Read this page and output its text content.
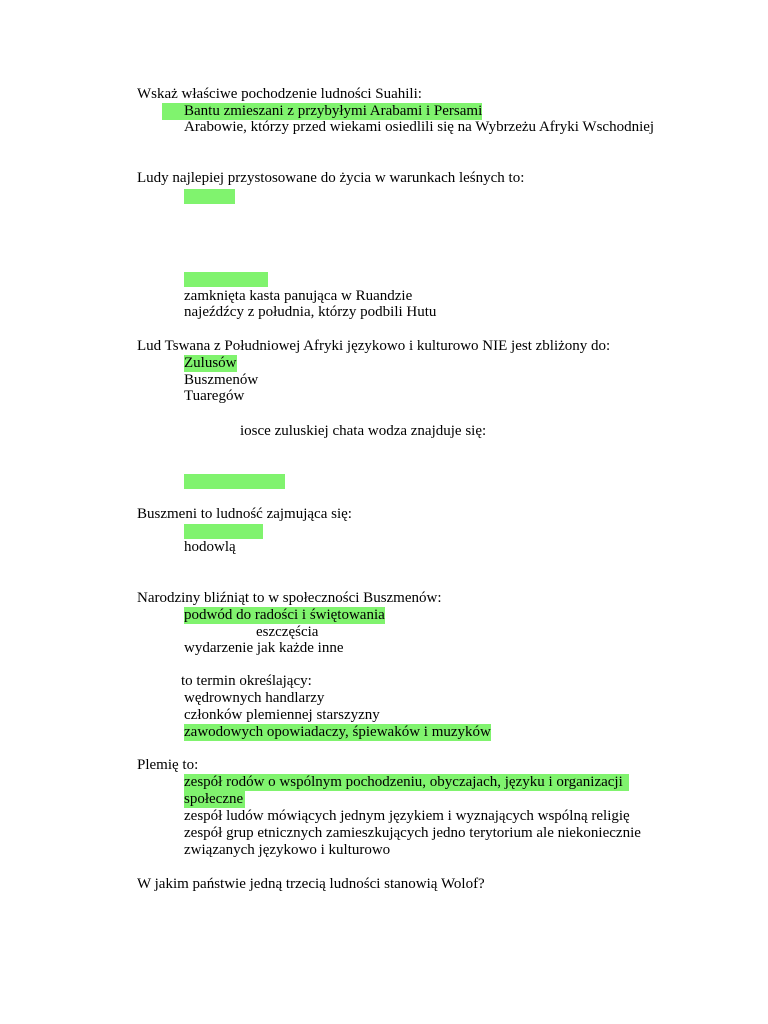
Wskaż właściwe pochodzenie ludności Suahili:
Bantu zmieszani z przybyłymi Arabami i Persami
Arabowie, którzy przed wiekami osiedlili się na Wybrzeżu Afryki Wschodniej
Ludy najlepiej przystosowane do życia w warunkach leśnych to:
zamknięta kasta panująca w Ruandzie
najeźdźcy z południa, którzy podbili Hutu
Lud Tswana z Południowej Afryki językowo i kulturowo NIE jest zbliżony do:
Zulusów
Buszmenów
Tuaregów
iosce zuluskiej chata wodza znajduje się:
Buszmeni to ludność zajmująca się:
hodowlą
Narodziny bliźniąt to w społeczności Buszmenów:
podwód do radości i świętowania
eszczęścia
wydarzenie jak każde inne
to termin określający:
wędrownych handlarzy
członków plemiennej starszyzny
zawodowych opowiadaczy, śpiewaków i muzyków
Plemię to:
zespół rodów o wspólnym pochodzeniu, obyczajach, języku i organizacji
społeczne
zespół ludów mówiących jednym językiem i wyznających wspólną religię
zespół grup etnicznych zamieszkujących jedno terytorium ale niekoniecznie
związanych językowo i kulturowo
W jakim państwie jedną trzecią ludności stanowią Wolof?
